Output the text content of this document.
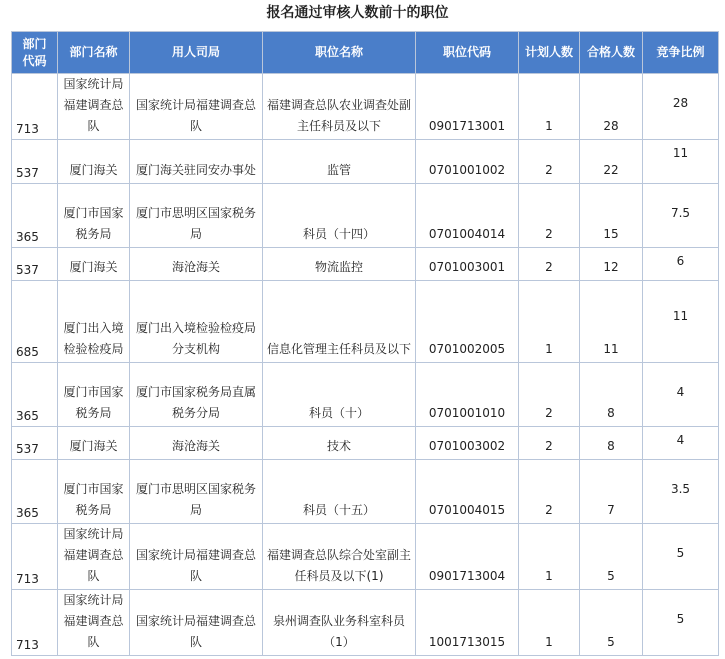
报名通过审核人数前十的职位
部门代码	部门名称	用人司局	职位名称	职位代码	计划人数	合格人数	竞争比例
713	国家统计局福建调查总队	国家统计局福建调查总队	福建调查总队农业调查处副主任科员及以下	0901713001	1	28	28
537	厦门海关	厦门海关驻同安办事处	监管	0701001002	2	22	11
365	厦门市国家税务局	厦门市思明区国家税务局	科员（十四）	0701004014	2	15	7.5
537	厦门海关	海沧海关	物流监控	0701003001	2	12	6
685	厦门出入境检验检疫局	厦门出入境检验检疫局分支机构	信息化管理主任科员及以下	0701002005	1	11	11
365	厦门市国家税务局	厦门市国家税务局直属税务分局	科员（十）	0701001010	2	8	4
537	厦门海关	海沧海关	技术	0701003002	2	8	4
365	厦门市国家税务局	厦门市思明区国家税务局	科员（十五）	0701004015	2	7	3.5
713	国家统计局福建调查总队	国家统计局福建调查总队	福建调查总队综合处室副主任科员及以下(1)	0901713004	1	5	5
713	国家统计局福建调查总队	国家统计局福建调查总队	泉州调查队业务科室科员（1）	1001713015	1	5	5
